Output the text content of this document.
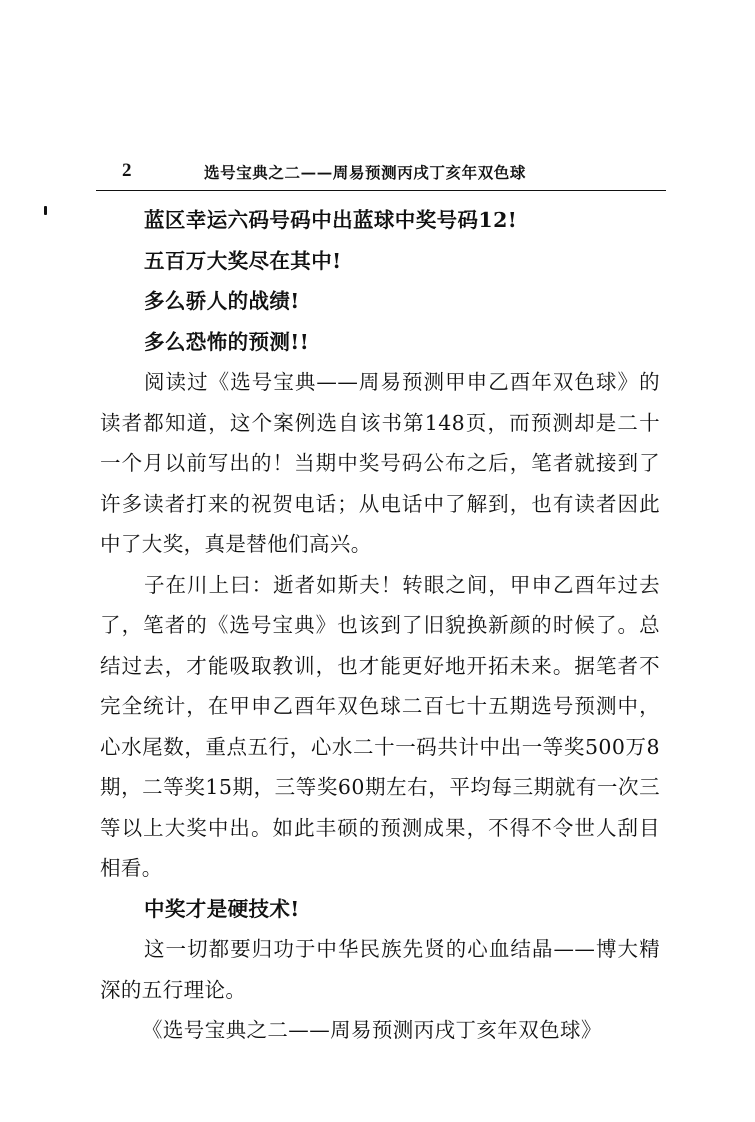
2	选号宝典之二——周易预测丙戌丁亥年双色球

蓝区幸运六码号码中出蓝球中奖号码12!

五百万大奖尽在其中!

多么骄人的战绩!

多么恐怖的预测!!

阅读过《选号宝典——周易预测甲申乙酉年双色球》的读者都知道，这个案例选自该书第148页，而预测却是二十一个月以前写出的！当期中奖号码公布之后，笔者就接到了许多读者打来的祝贺电话；从电话中了解到，也有读者因此中了大奖，真是替他们高兴。

子在川上曰：逝者如斯夫！转眼之间，甲申乙酉年过去了，笔者的《选号宝典》也该到了旧貌换新颜的时候了。总结过去，才能吸取教训，也才能更好地开拓未来。据笔者不完全统计，在甲申乙酉年双色球二百七十五期选号预测中，心水尾数，重点五行，心水二十一码共计中出一等奖500万8期，二等奖15期，三等奖60期左右，平均每三期就有一次三等以上大奖中出。如此丰硕的预测成果，不得不令世人刮目相看。

中奖才是硬技术!

这一切都要归功于中华民族先贤的心血结晶——博大精深的五行理论。

《选号宝典之二——周易预测丙戌丁亥年双色球》
